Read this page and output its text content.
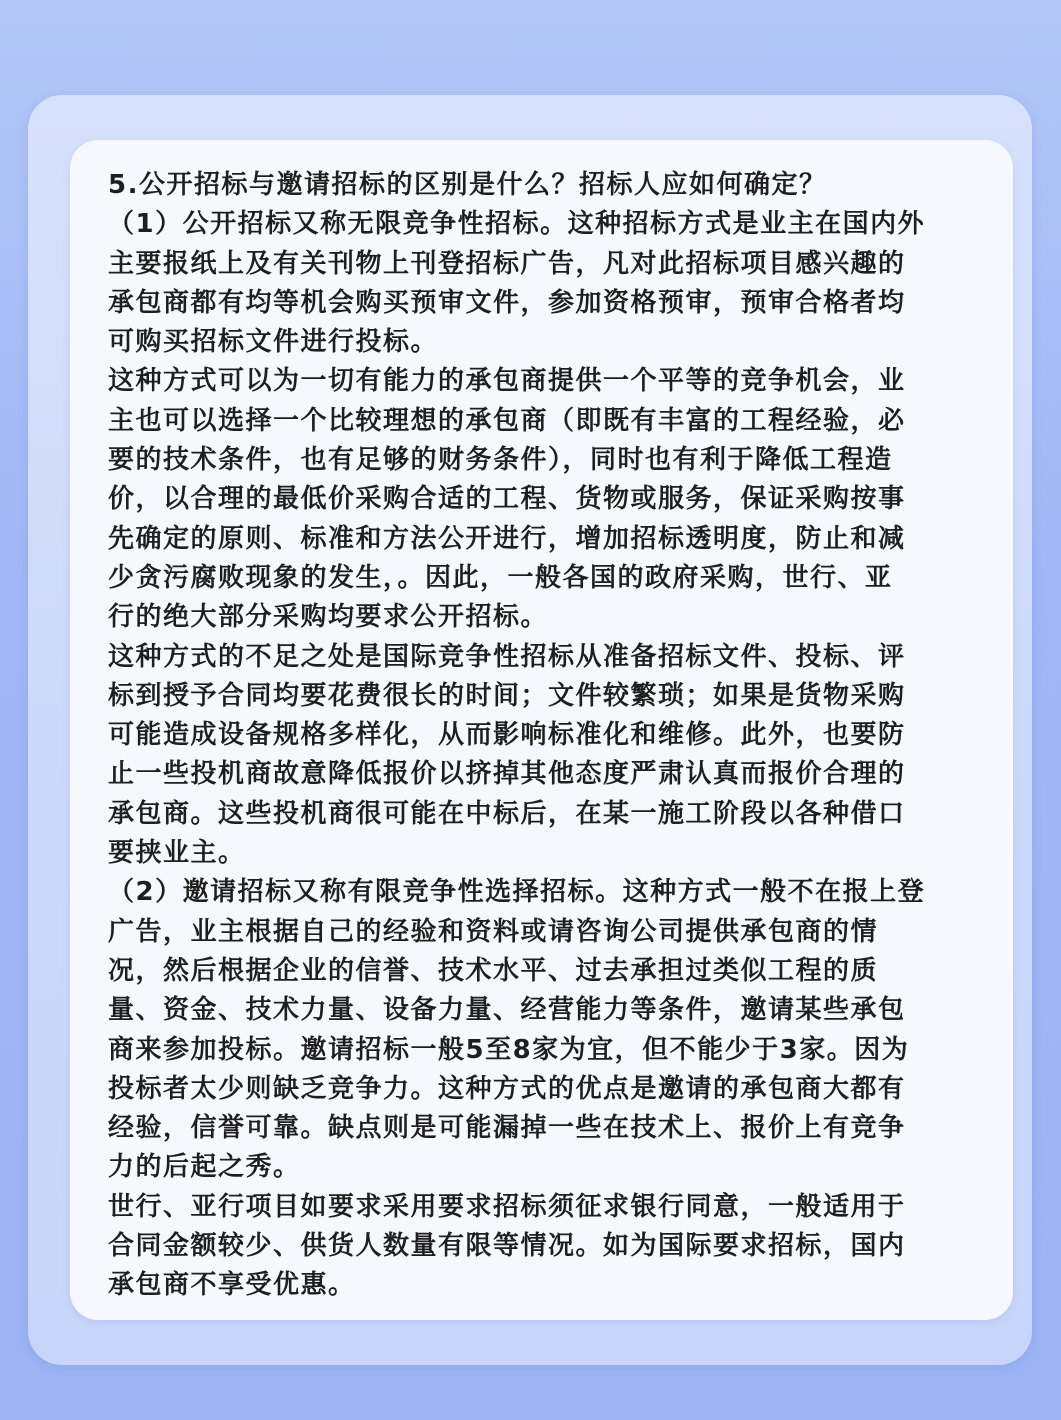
5.公开招标与邀请招标的区别是什么？招标人应如何确定？

（1）公开招标又称无限竞争性招标。这种招标方式是业主在国内外

主要报纸上及有关刊物上刊登招标广告，凡对此招标项目感兴趣的

承包商都有均等机会购买预审文件，参加资格预审，预审合格者均

可购买招标文件进行投标。

这种方式可以为一切有能力的承包商提供一个平等的竞争机会，业

主也可以选择一个比较理想的承包商（即既有丰富的工程经验，必

要的技术条件，也有足够的财务条件），同时也有利于降低工程造

价，以合理的最低价采购合适的工程、货物或服务，保证采购按事

先确定的原则、标准和方法公开进行，增加招标透明度，防止和减

少贪污腐败现象的发生，。因此，一般各国的政府采购，世行、亚

行的绝大部分采购均要求公开招标。

这种方式的不足之处是国际竞争性招标从准备招标文件、投标、评

标到授予合同均要花费很长的时间；文件较繁琐；如果是货物采购

可能造成设备规格多样化，从而影响标准化和维修。此外，也要防

止一些投机商故意降低报价以挤掉其他态度严肃认真而报价合理的

承包商。这些投机商很可能在中标后，在某一施工阶段以各种借口

要挟业主。

（2）邀请招标又称有限竞争性选择招标。这种方式一般不在报上登

广告，业主根据自己的经验和资料或请咨询公司提供承包商的情

况，然后根据企业的信誉、技术水平、过去承担过类似工程的质

量、资金、技术力量、设备力量、经营能力等条件，邀请某些承包

商来参加投标。邀请招标一般5至8家为宜，但不能少于3家。因为

投标者太少则缺乏竞争力。这种方式的优点是邀请的承包商大都有

经验，信誉可靠。缺点则是可能漏掉一些在技术上、报价上有竞争

力的后起之秀。

世行、亚行项目如要求采用要求招标须征求银行同意，一般适用于

合同金额较少、供货人数量有限等情况。如为国际要求招标，国内

承包商不享受优惠。
